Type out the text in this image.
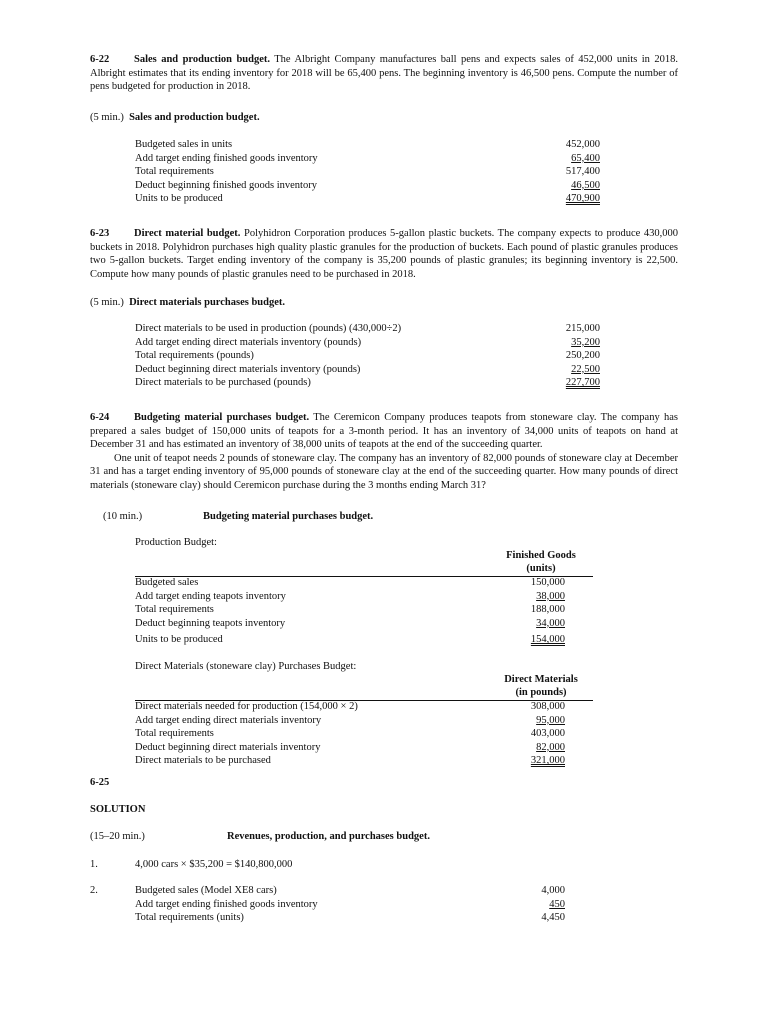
6-22 Sales and production budget. The Albright Company manufactures ball pens and expects sales of 452,000 units in 2018. Albright estimates that its ending inventory for 2018 will be 65,400 pens. The beginning inventory is 46,500 pens. Compute the number of pens budgeted for production in 2018.
(5 min.) Sales and production budget.
Budgeted sales in units	452,000
Add target ending finished goods inventory	65,400
Total requirements	517,400
Deduct beginning finished goods inventory	46,500
Units to be produced	470,900
6-23 Direct material budget. Polyhidron Corporation produces 5-gallon plastic buckets. The company expects to produce 430,000 buckets in 2018. Polyhidron purchases high quality plastic granules for the production of buckets. Each pound of plastic granules produces two 5-gallon buckets. Target ending inventory of the company is 35,200 pounds of plastic granules; its beginning inventory is 22,500. Compute how many pounds of plastic granules need to be purchased in 2018.
(5 min.) Direct materials purchases budget.
Direct materials to be used in production (pounds) (430,000÷2)	215,000
Add target ending direct materials inventory (pounds)	35,200
Total requirements (pounds)	250,200
Deduct beginning direct materials inventory (pounds)	22,500
Direct materials to be purchased (pounds)	227,700
6-24 Budgeting material purchases budget. The Ceremicon Company produces teapots from stoneware clay. The company has prepared a sales budget of 150,000 units of teapots for a 3-month period. It has an inventory of 34,000 units of teapots on hand at December 31 and has estimated an inventory of 38,000 units of teapots at the end of the succeeding quarter.
One unit of teapot needs 2 pounds of stoneware clay. The company has an inventory of 82,000 pounds of stoneware clay at December 31 and has a target ending inventory of 95,000 pounds of stoneware clay at the end of the succeeding quarter. How many pounds of direct materials (stoneware clay) should Ceremicon purchase during the 3 months ending March 31?
(10 min.)	Budgeting material purchases budget.
Production Budget:
Finished Goods
(units)
Budgeted sales	150,000
Add target ending teapots inventory	38,000
Total requirements	188,000
Deduct beginning teapots inventory	34,000
Units to be produced	154,000
Direct Materials (stoneware clay) Purchases Budget:
Direct Materials
(in pounds)
Direct materials needed for production (154,000 × 2)	308,000
Add target ending direct materials inventory	95,000
Total requirements	403,000
Deduct beginning direct materials inventory	82,000
Direct materials to be purchased	321,000
6-25
SOLUTION
(15–20 min.)	Revenues, production, and purchases budget.
1.	4,000 cars × $35,200 = $140,800,000
2.	Budgeted sales (Model XE8 cars)	4,000
Add target ending finished goods inventory	450
Total requirements (units)	4,450
